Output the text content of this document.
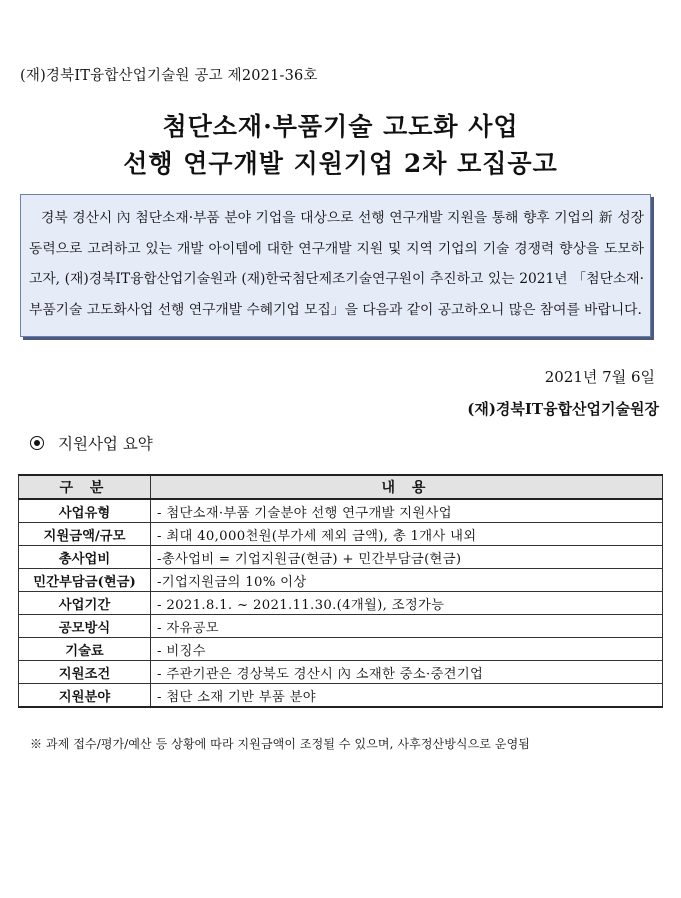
(재)경북IT융합산업기술원 공고 제2021-36호
첨단소재·부품기술 고도화 사업
선행 연구개발 지원기업 2차 모집공고
경북 경산시 內 첨단소재·부품 분야 기업을 대상으로 선행 연구개발 지원을 통해 향후 기업의 新 성장 동력으로 고려하고 있는 개발 아이템에 대한 연구개발 지원 및 지역 기업의 기술 경쟁력 향상을 도모하고자, (재)경북IT융합산업기술원과 (재)한국첨단제조기술연구원이 추진하고 있는 2021년 「첨단소재·부품기술 고도화사업 선행 연구개발 수혜기업 모집」을 다음과 같이 공고하오니 많은 참여를 바랍니다.
2021년 7월 6일
(재)경북IT융합산업기술원장
지원사업 요약
구 분	내 용
사업유형	- 첨단소재·부품 기술분야 선행 연구개발 지원사업
지원금액/규모	- 최대 40,000천원(부가세 제외 금액), 총 1개사 내외
총사업비	-총사업비 = 기업지원금(현금) + 민간부담금(현금)
민간부담금(현금)	-기업지원금의 10% 이상
사업기간	- 2021.8.1. ~ 2021.11.30.(4개월), 조정가능
공모방식	- 자유공모
기술료	- 비징수
지원조건	- 주관기관은 경상북도 경산시 內 소재한 중소·중견기업
지원분야	- 첨단 소재 기반 부품 분야
※ 과제 접수/평가/예산 등 상황에 따라 지원금액이 조정될 수 있으며, 사후정산방식으로 운영됨
